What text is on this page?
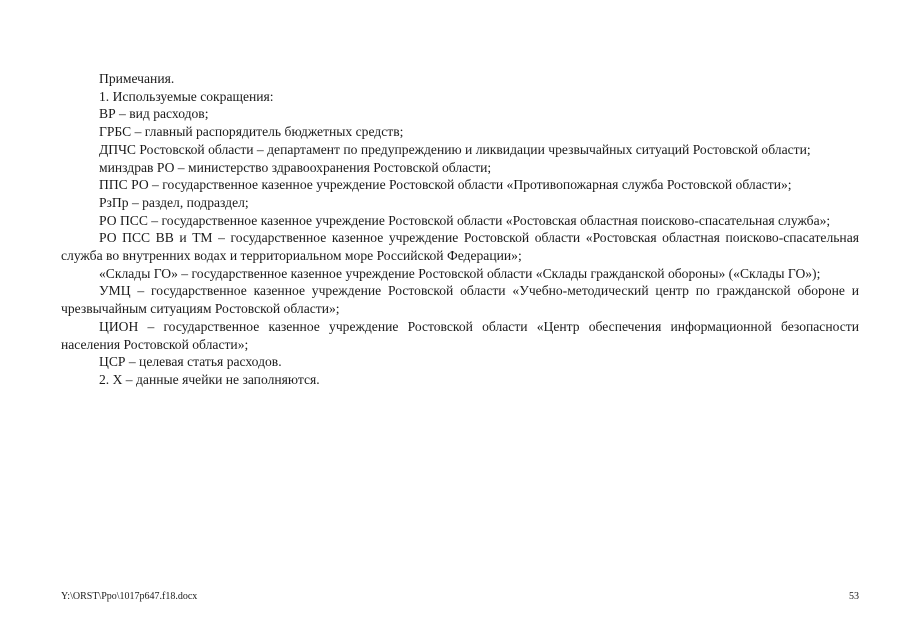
Примечания.

1. Используемые сокращения:

ВР – вид расходов;

ГРБС – главный распорядитель бюджетных средств;

ДПЧС Ростовской области – департамент по предупреждению и ликвидации чрезвычайных ситуаций Ростовской области;

минздрав РО – министерство здравоохранения Ростовской области;

ППС РО – государственное казенное учреждение Ростовской области «Противопожарная служба Ростовской области»;

РзПр – раздел, подраздел;

РО ПСС – государственное казенное учреждение Ростовской области «Ростовская областная поисково-спасательная служба»;

РО ПСС ВВ и ТМ – государственное казенное учреждение Ростовской области «Ростовская областная поисково-спасательная служба во внутренних водах и территориальном море Российской Федерации»;

«Склады ГО» – государственное казенное учреждение Ростовской области «Склады гражданской обороны» («Склады ГО»);

УМЦ – государственное казенное учреждение Ростовской области «Учебно-методический центр по гражданской обороне и чрезвычайным ситуациям Ростовской области»;

ЦИОН – государственное казенное учреждение Ростовской области «Центр обеспечения информационной безопасности населения Ростовской области»;

ЦСР – целевая статья расходов.

2. Х – данные ячейки не заполняются.

Y:\ORST\Ppo\1017p647.f18.docx	53
